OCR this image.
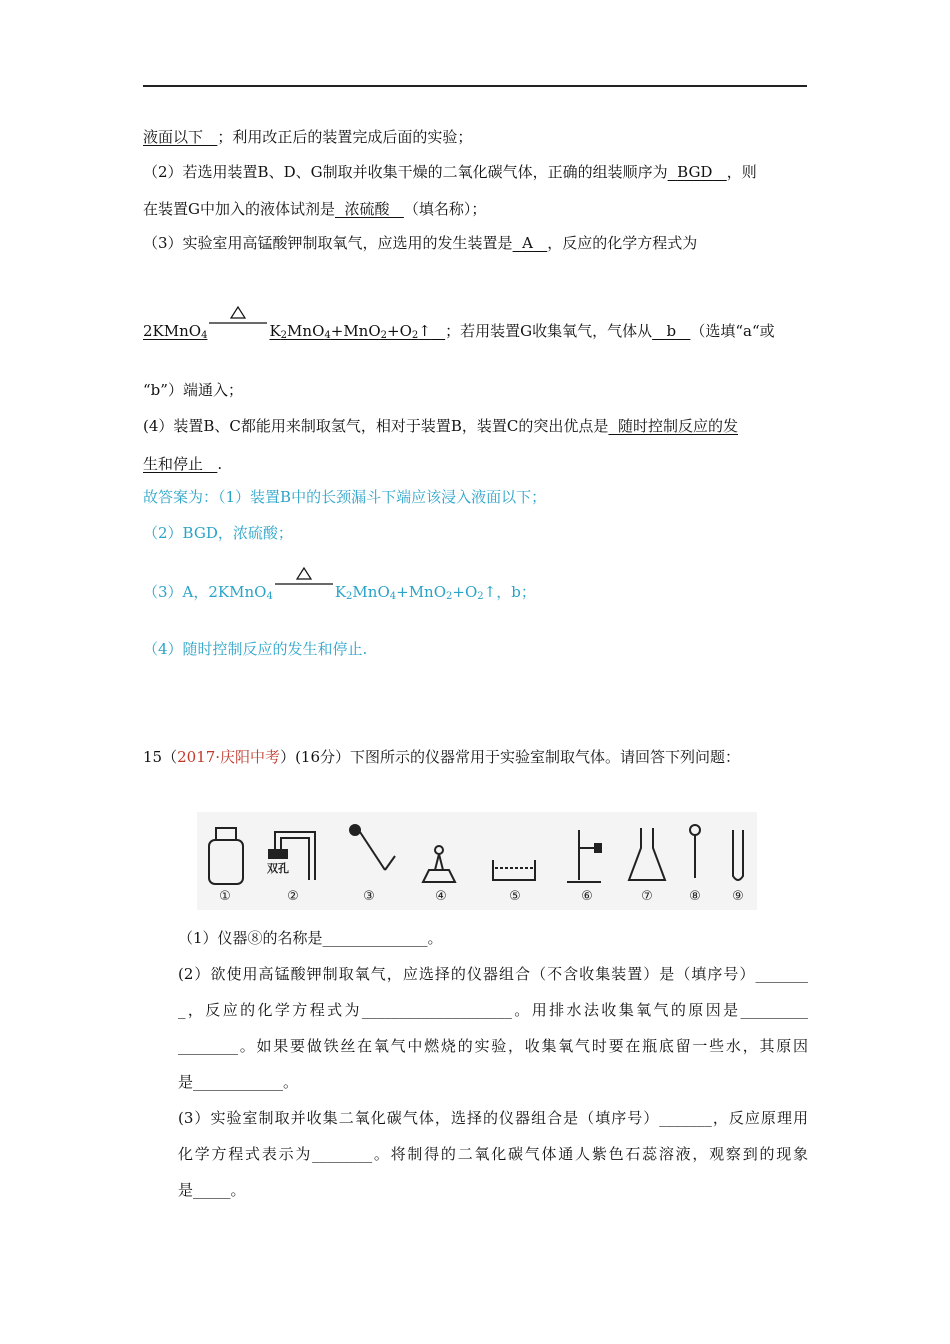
液面以下 ；利用改正后的装置完成后面的实验；
（2）若选用装置B、D、G制取并收集干燥的二氧化碳气体，正确的组装顺序为 BGD ，则
在装置G中加入的液体试剂是 浓硫酸 （填名称）；
（3）实验室用高锰酸钾制取氧气，应选用的发生装置是 A ，反应的化学方程式为
2KMnO$_4$	$K_2MnO_4+MnO_2+O_2↑$ ；若用装置G收集氧气，气体从 b （选填“a“或
“b”）端通入；
(4）装置B、C都能用来制取氢气，相对于装置B，装置C的突出优点是 随时控制反应的发
生和停止 .
故答案为：（1）装置B中的长颈漏斗下端应该浸入液面以下；
（2）BGD，浓硫酸；
（3）A，2KMnO$_4$	$K_2MnO_4+MnO_2+O_2↑$，b；
（4）随时控制反应的发生和停止.
15（2017·庆阳中考）(16分）下图所示的仪器常用于实验室制取气体。请回答下列问题：
双孔
①	②	③	④	⑤	⑥	⑦	⑧ ⑨
（1）仪器⑧的名称是______________。
(2）欲使用高锰酸钾制取氧气，应选择的仪器组合（不含收集装置）是（填序号）_______
_，反应的化学方程式为____________________。用排水法收集氧气的原因是_________
________。如果要做铁丝在氧气中燃烧的实验，收集氧气时要在瓶底留一些水，其原因
是____________。
(3）实验室制取并收集二氧化碳气体，选择的仪器组合是（填序号）_______，反应原理用
化学方程式表示为________。将制得的二氧化碳气体通人紫色石蕊溶液，观察到的现象
是_____。
